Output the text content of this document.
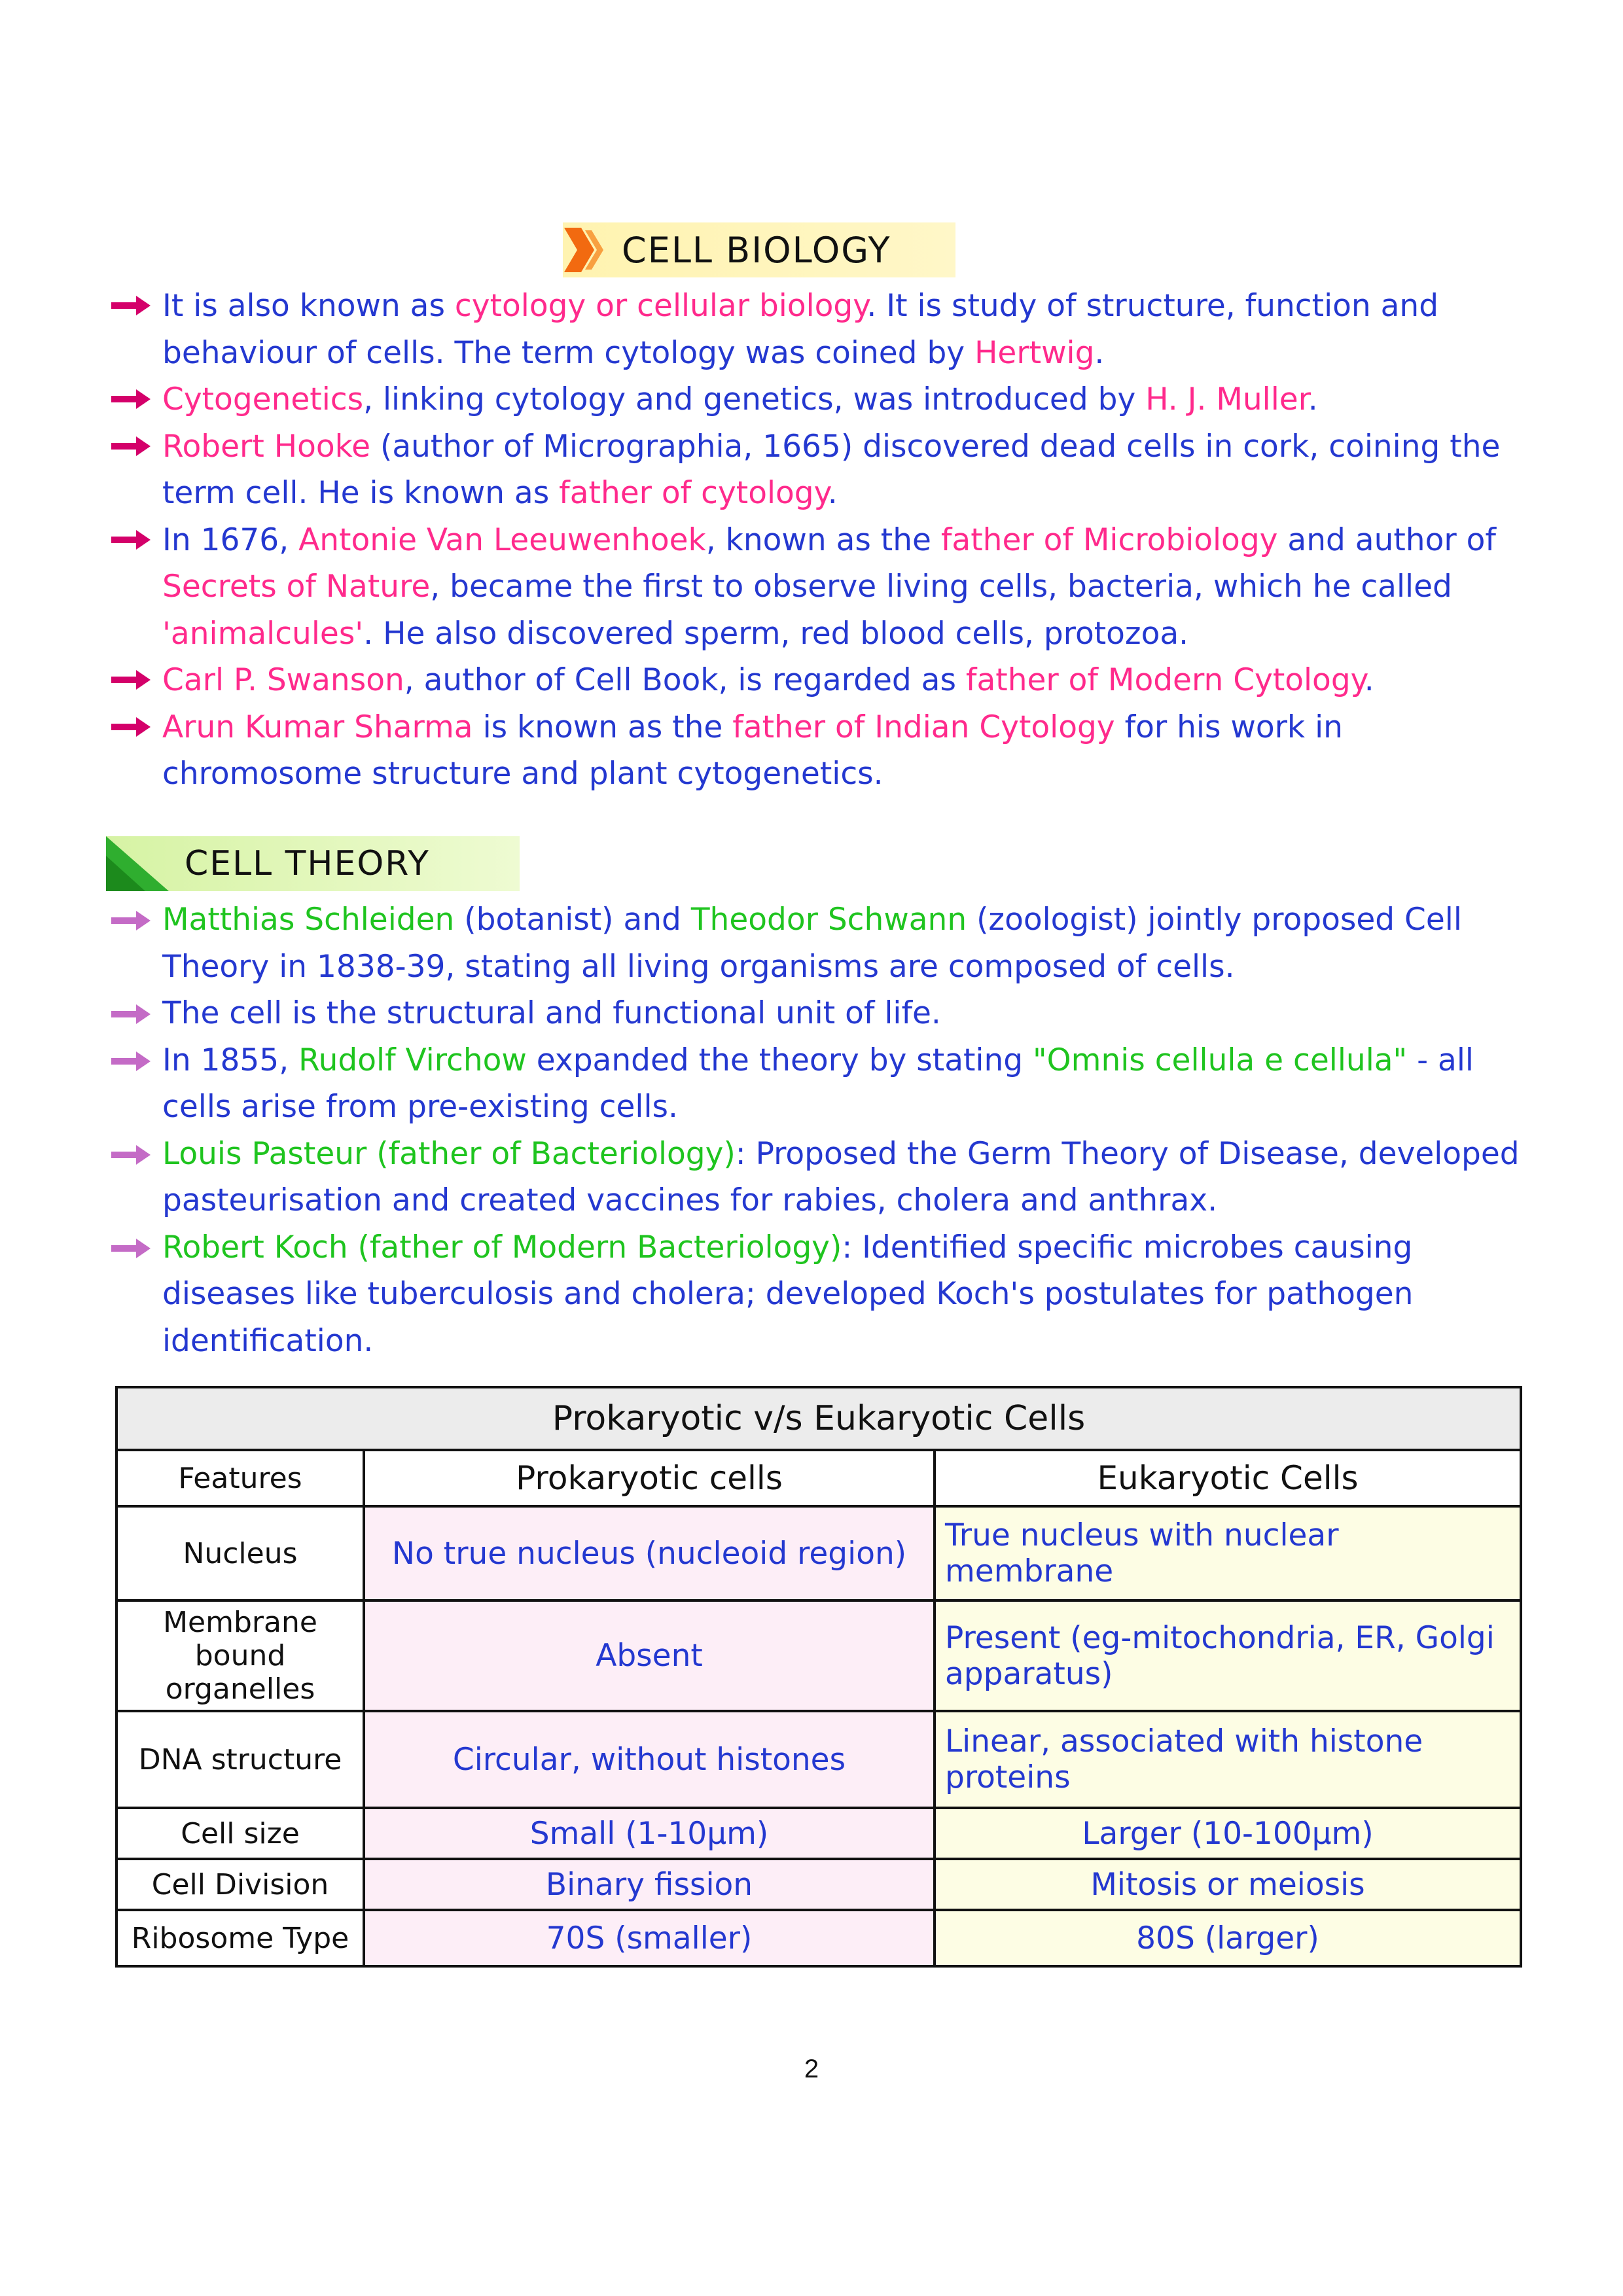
CELL BIOLOGY
It is also known as cytology or cellular biology. It is study of structure, function and behaviour of cells. The term cytology was coined by Hertwig.
Cytogenetics, linking cytology and genetics, was introduced by H. J. Muller.
Robert Hooke (author of Micrographia, 1665) discovered dead cells in cork, coining the term cell. He is known as father of cytology.
In 1676, Antonie Van Leeuwenhoek, known as the father of Microbiology and author of Secrets of Nature, became the first to observe living cells, bacteria, which he called 'animalcules'. He also discovered sperm, red blood cells, protozoa.
Carl P. Swanson, author of Cell Book, is regarded as father of Modern Cytology.
Arun Kumar Sharma is known as the father of Indian Cytology for his work in chromosome structure and plant cytogenetics.
CELL THEORY
Matthias Schleiden (botanist) and Theodor Schwann (zoologist) jointly proposed Cell Theory in 1838-39, stating all living organisms are composed of cells.
The cell is the structural and functional unit of life.
In 1855, Rudolf Virchow expanded the theory by stating "Omnis cellula e cellula" - all cells arise from pre-existing cells.
Louis Pasteur (father of Bacteriology): Proposed the Germ Theory of Disease, developed pasteurisation and created vaccines for rabies, cholera and anthrax.
Robert Koch (father of Modern Bacteriology): Identified specific microbes causing diseases like tuberculosis and cholera; developed Koch's postulates for pathogen identification.
Prokaryotic v/s Eukaryotic Cells		
Features	Prokaryotic cells	Eukaryotic Cells
Nucleus	No true nucleus (nucleoid region)	True nucleus with nuclear membrane
Membrane bound organelles	Absent	Present (eg-mitochondria, ER, Golgi apparatus)
DNA structure	Circular, without histones	Linear, associated with histone proteins
Cell size	Small (1-10μm)	Larger (10-100μm)
Cell Division	Binary fission	Mitosis or meiosis
Ribosome Type	70S (smaller)	80S (larger)
2
